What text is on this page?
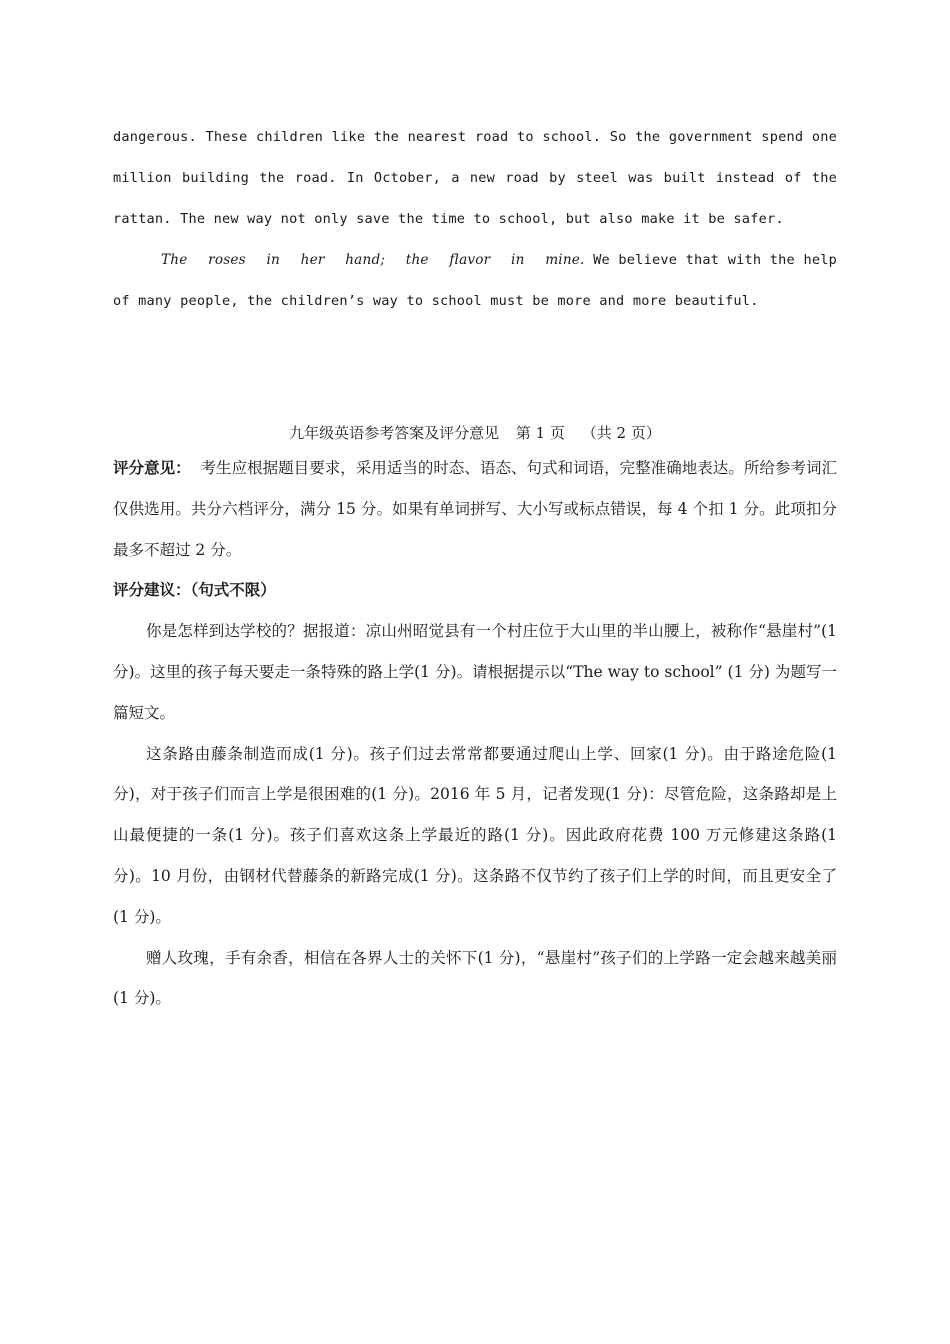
dangerous. These children like the nearest road to school. So the government spend one million building the road. In October, a new road by steel was built instead of the rattan. The new way not only save the time to school, but also make it be safer.

The roses in her hand; the flavor in mine. We believe that with the help of many people, the children’s way to school must be more and more beautiful.

九年级英语参考答案及评分意见 第 1 页 （共 2 页）

评分意见： 考生应根据题目要求，采用适当的时态、语态、句式和词语，完整准确地表达。所给参考词汇仅供选用。共分六档评分，满分 15 分。如果有单词拼写、大小写或标点错误，每 4 个扣 1 分。此项扣分最多不超过 2 分。

评分建议：（句式不限）

你是怎样到达学校的？据报道：凉山州昭觉县有一个村庄位于大山里的半山腰上，被称作“悬崖村”(1 分)。这里的孩子每天要走一条特殊的路上学(1 分)。请根据提示以“The way to school” (1 分) 为题写一篇短文。

这条路由藤条制造而成(1 分)。孩子们过去常常都要通过爬山上学、回家(1 分)。由于路途危险(1 分)，对于孩子们而言上学是很困难的(1 分)。2016 年 5 月，记者发现(1 分)：尽管危险，这条路却是上山最便捷的一条(1 分)。孩子们喜欢这条上学最近的路(1 分)。因此政府花费 100 万元修建这条路(1 分)。10 月份，由钢材代替藤条的新路完成(1 分)。这条路不仅节约了孩子们上学的时间，而且更安全了(1 分)。

赠人玫瑰，手有余香，相信在各界人士的关怀下(1 分)，“悬崖村”孩子们的上学路一定会越来越美丽(1 分)。
